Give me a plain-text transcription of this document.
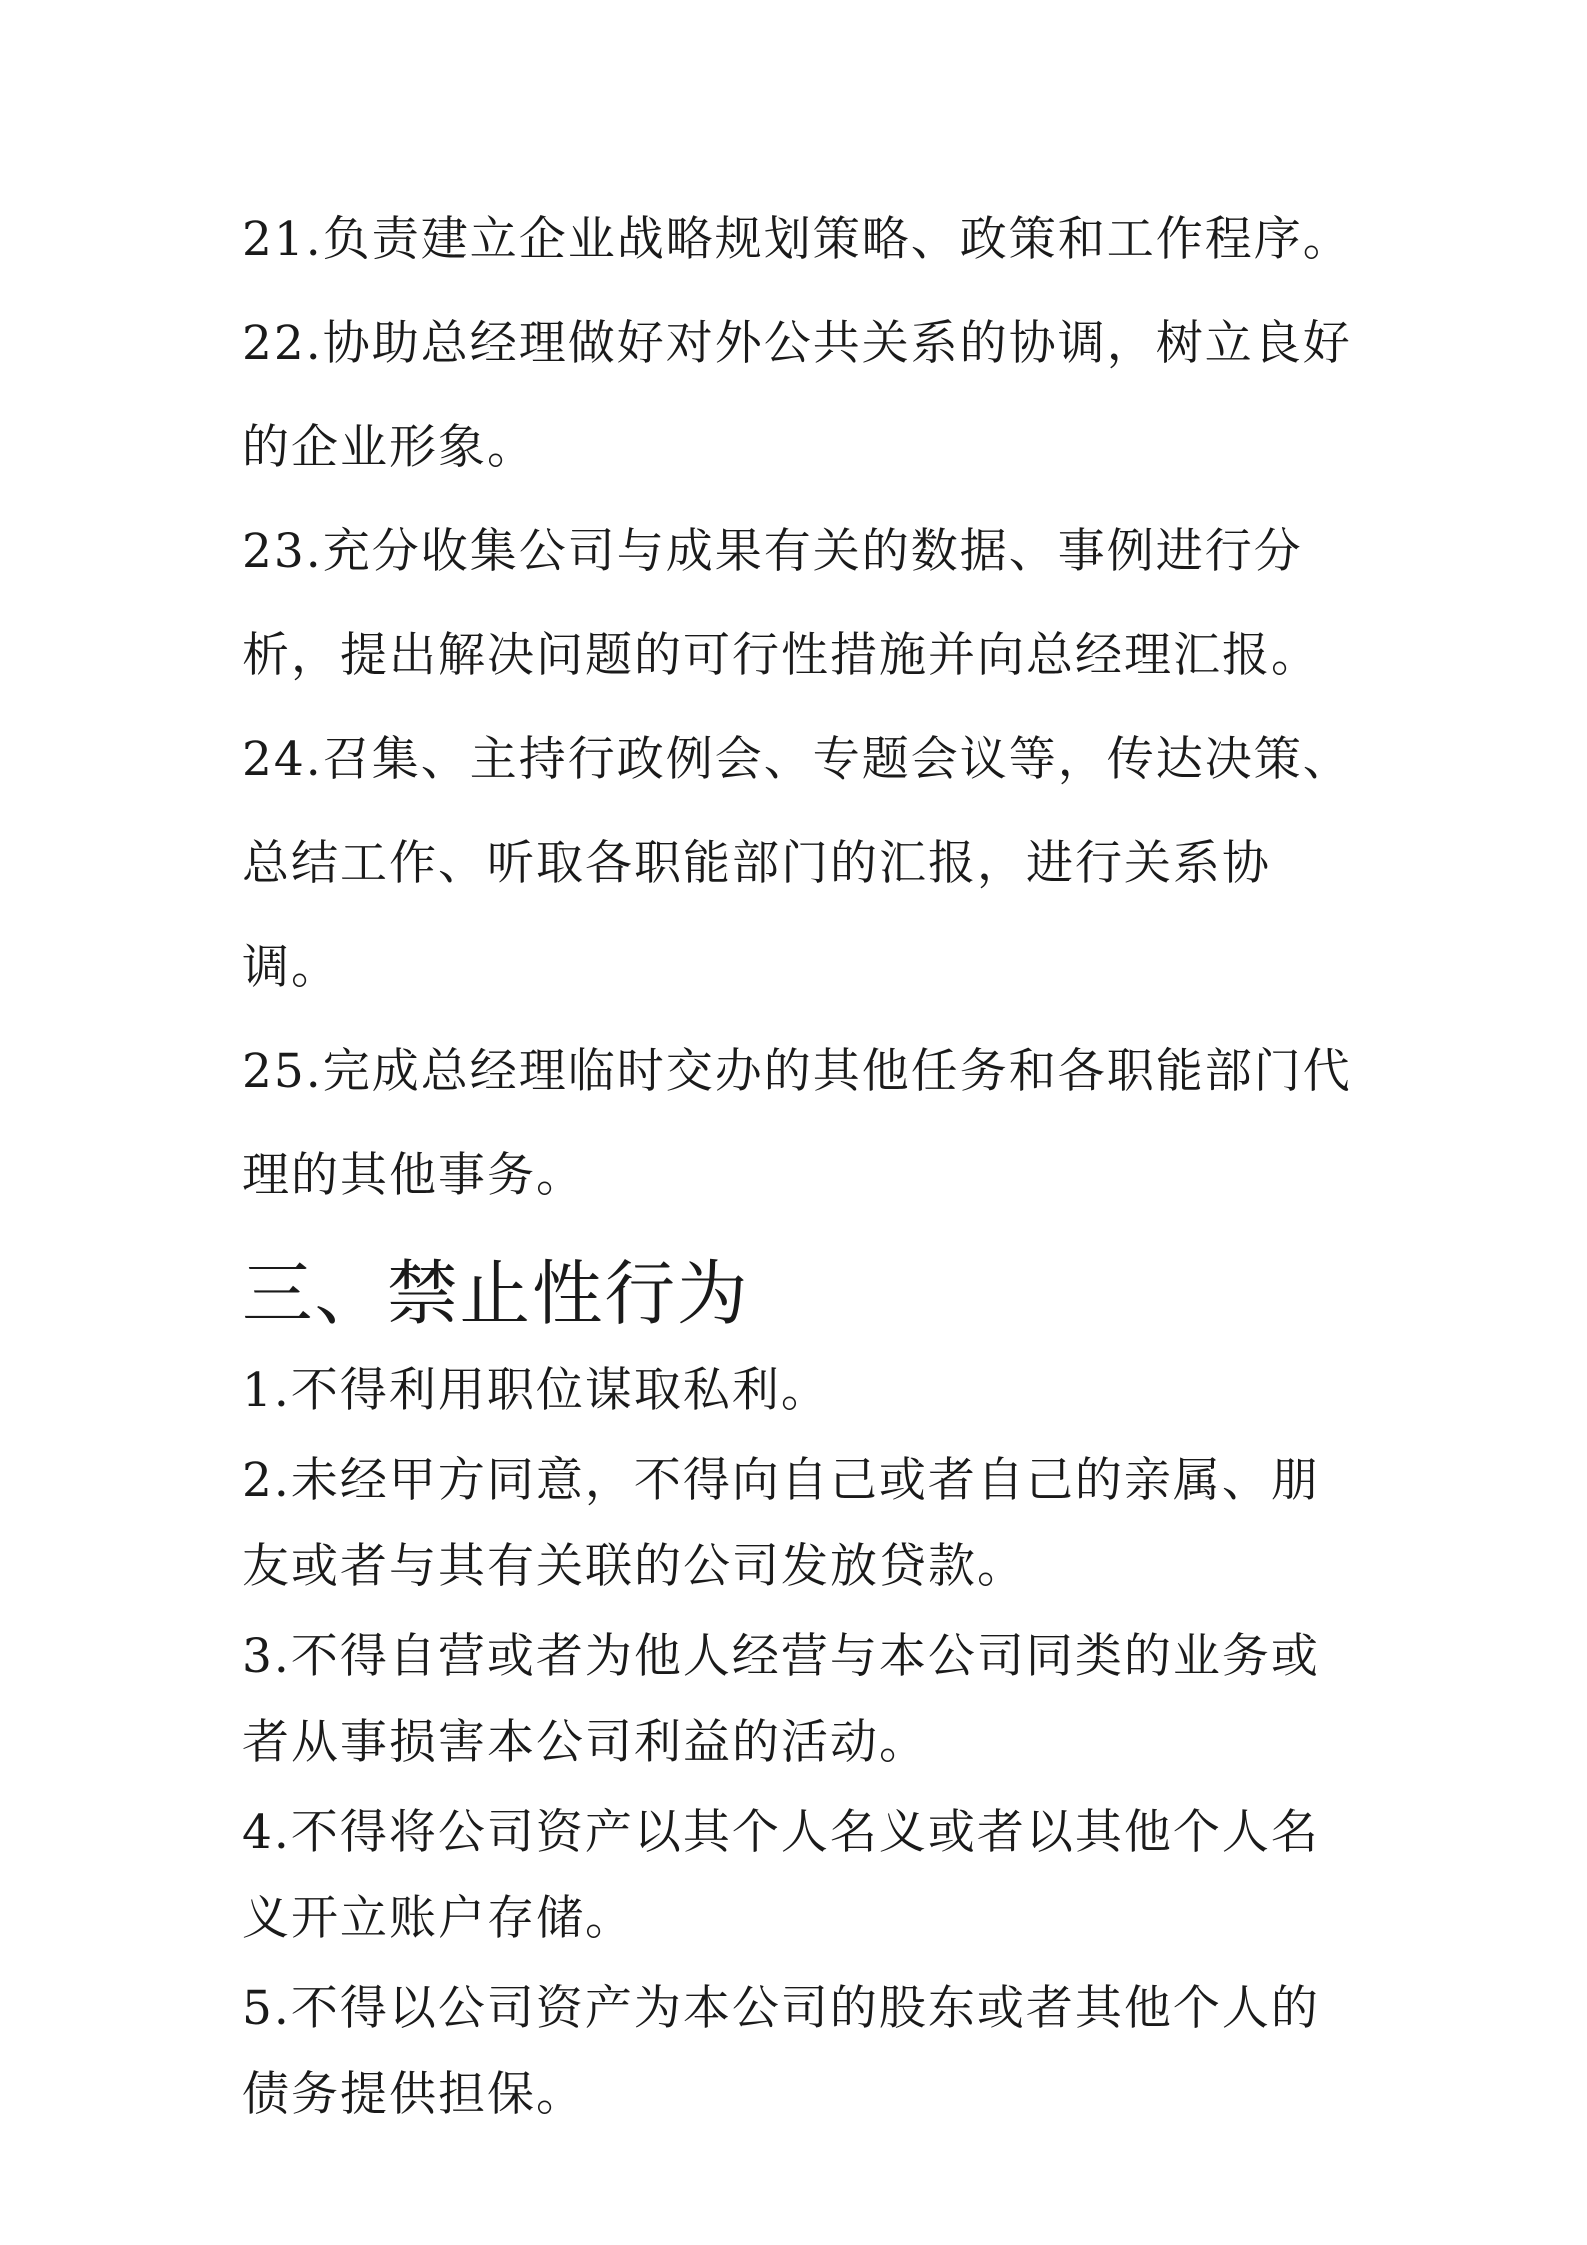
21.负责建立企业战略规划策略、政策和工作程序。

22.协助总经理做好对外公共关系的协调，树立良好的企业形象。

23.充分收集公司与成果有关的数据、事例进行分析，提出解决问题的可行性措施并向总经理汇报。

24.召集、主持行政例会、专题会议等，传达决策、总结工作、听取各职能部门的汇报，进行关系协调。

25.完成总经理临时交办的其他任务和各职能部门代理的其他事务。

三、禁止性行为

1.不得利用职位谋取私利。

2.未经甲方同意，不得向自己或者自己的亲属、朋友或者与其有关联的公司发放贷款。

3.不得自营或者为他人经营与本公司同类的业务或者从事损害本公司利益的活动。

4.不得将公司资产以其个人名义或者以其他个人名义开立账户存储。

5.不得以公司资产为本公司的股东或者其他个人的债务提供担保。
